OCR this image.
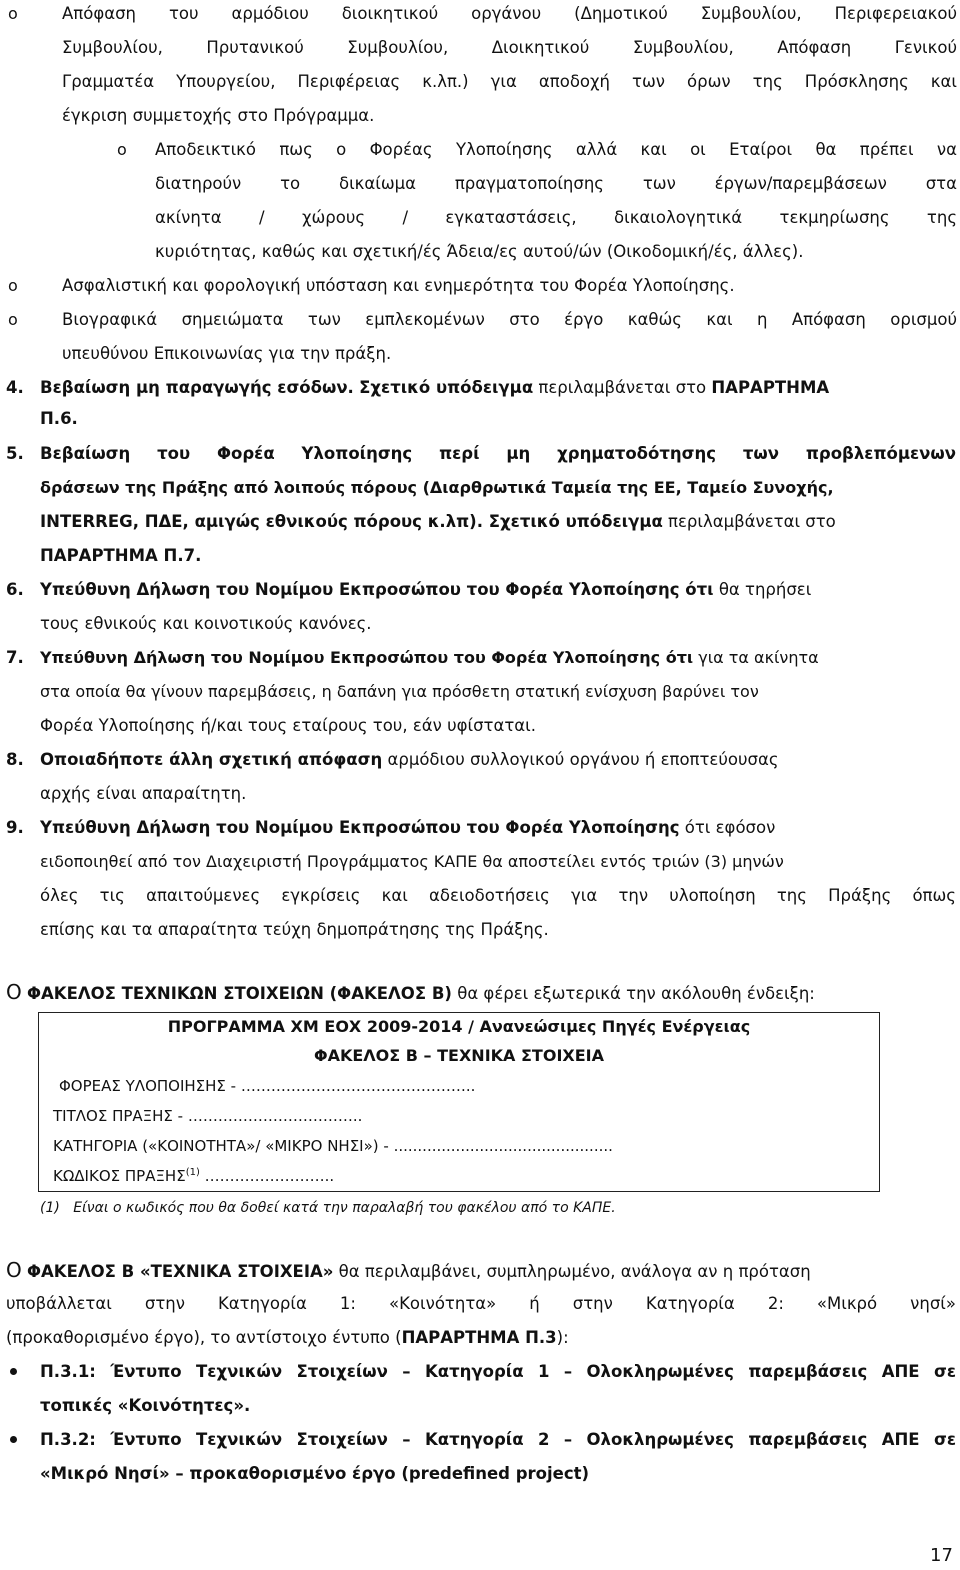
o	Απόφαση του αρμόδιου διοικητικού οργάνου (Δημοτικού Συμβουλίου, Περιφερειακού
Συμβουλίου, Πρυτανικού Συμβουλίου, Διοικητικού Συμβουλίου, Απόφαση Γενικού
Γραμματέα Υπουργείου, Περιφέρειας κ.λπ.) για αποδοχή των όρων της Πρόσκλησης και
έγκριση συμμετοχής στο Πρόγραμμα.
o Αποδεικτικό πως ο Φορέας Υλοποίησης αλλά και οι Εταίροι θα πρέπει να
διατηρούν το δικαίωμα πραγματοποίησης των έργων/παρεμβάσεων στα
ακίνητα / χώρους / εγκαταστάσεις, δικαιολογητικά τεκμηρίωσης της
κυριότητας, καθώς και σχετική/ές Άδεια/ες αυτού/ών (Οικοδομική/ές, άλλες).
o	Ασφαλιστική και φορολογική υπόσταση και ενημερότητα του Φορέα Υλοποίησης.
o	Βιογραφικά σημειώματα των εμπλεκομένων στο έργο καθώς και η Απόφαση ορισμού
υπευθύνου Επικοινωνίας για την πράξη.
4. Βεβαίωση μη παραγωγής εσόδων. Σχετικό υπόδειγμα περιλαμβάνεται στο ΠΑΡΑΡΤΗΜΑ
Π.6.
5. Βεβαίωση του Φορέα Υλοποίησης περί μη χρηματοδότησης των προβλεπόμενων
δράσεων της Πράξης από λοιπούς πόρους (Διαρθρωτικά Ταμεία της ΕΕ, Ταμείο Συνοχής,
INTERREG, ΠΔΕ, αμιγώς εθνικούς πόρους κ.λπ). Σχετικό υπόδειγμα περιλαμβάνεται στο
ΠΑΡΑΡΤΗΜΑ Π.7.
6. Υπεύθυνη Δήλωση του Νομίμου Εκπροσώπου του Φορέα Υλοποίησης ότι θα τηρήσει
τους εθνικούς και κοινοτικούς κανόνες.
7. Υπεύθυνη Δήλωση του Νομίμου Εκπροσώπου του Φορέα Υλοποίησης ότι για τα ακίνητα
στα οποία θα γίνουν παρεμβάσεις, η δαπάνη για πρόσθετη στατική ενίσχυση βαρύνει τον
Φορέα Υλοποίησης ή/και τους εταίρους του, εάν υφίσταται.
8. Οποιαδήποτε άλλη σχετική απόφαση αρμόδιου συλλογικού οργάνου ή εποπτεύουσας
αρχής είναι απαραίτητη.
9. Υπεύθυνη Δήλωση του Νομίμου Εκπροσώπου του Φορέα Υλοποίησης ότι εφόσον
ειδοποιηθεί από τον Διαχειριστή Προγράμματος ΚΑΠΕ θα αποστείλει εντός τριών (3) μηνών
όλες τις απαιτούμενες εγκρίσεις και αδειοδοτήσεις για την υλοποίηση της Πράξης όπως
επίσης και τα απαραίτητα τεύχη δημοπράτησης της Πράξης.
O ΦΑΚΕΛΟΣ ΤΕΧΝΙΚΩΝ ΣΤΟΙΧΕΙΩΝ (ΦΑΚΕΛΟΣ Β) θα φέρει εξωτερικά την ακόλουθη ένδειξη:
ΠΡΟΓΡΑΜΜΑ ΧΜ ΕΟΧ 2009-2014 / Ανανεώσιμες Πηγές Ενέργειας
ΦΑΚΕΛΟΣ Β – ΤΕΧΝΙΚΑ ΣΤΟΙΧΕΙΑ
ΦΟΡΕΑΣ ΥΛΟΠΟΙΗΣΗΣ - ………………………………………..
ΤΙΤΛΟΣ ΠΡΑΞΗΣ - ……………………………..
ΚΑΤΗΓΟΡΙΑ («ΚΟΙΝΟΤΗΤΑ»/ «ΜΙΚΡΟ ΝΗΣΙ») - ..............................................
ΚΩΔΙΚΟΣ ΠΡΑΞΗΣ$^{(1)}$ ……………………..
(1) Είναι ο κωδικός που θα δοθεί κατά την παραλαβή του φακέλου από το ΚΑΠΕ.
O ΦΑΚΕΛΟΣ Β «ΤΕΧΝΙΚΑ ΣΤΟΙΧΕΙΑ» θα περιλαμβάνει, συμπληρωμένο, ανάλογα αν η πρόταση
υποβάλλεται στην Κατηγορία 1: «Κοινότητα» ή στην Κατηγορία 2: «Μικρό νησί»
(προκαθορισμένο έργο), το αντίστοιχο έντυπο (ΠΑΡΑΡΤΗΜΑ Π.3):
Π.3.1: Έντυπο Τεχνικών Στοιχείων – Κατηγορία 1 – Ολοκληρωμένες παρεμβάσεις ΑΠΕ σε
τοπικές «Κοινότητες».
Π.3.2: Έντυπο Τεχνικών Στοιχείων – Κατηγορία 2 – Ολοκληρωμένες παρεμβάσεις ΑΠΕ σε
«Μικρό Νησί» – προκαθορισμένο έργο (predefined project)
17
